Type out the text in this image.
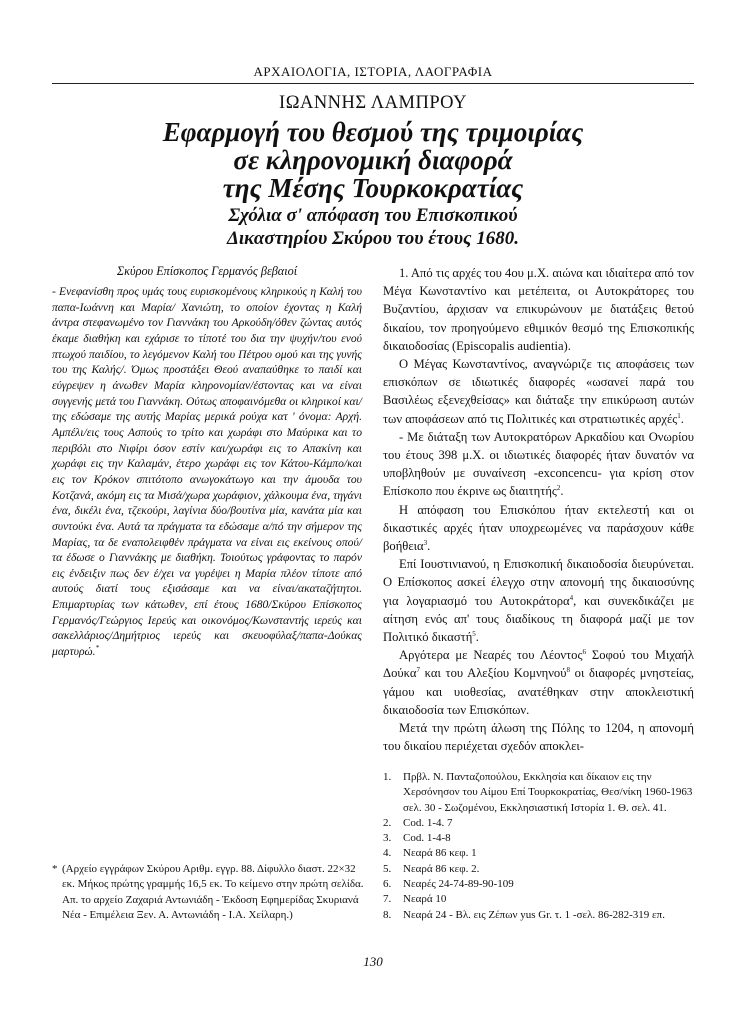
ΑΡΧΑΙΟΛΟΓΙΑ, ΙΣΤΟΡΙΑ, ΛΑΟΓΡΑΦΙΑ
ΙΩΑΝΝΗΣ ΛΑΜΠΡΟΥ
Εφαρμογή του θεσμού της τριμοιρίας
σε κληρονομική διαφορά
της Μέσης Τουρκοκρατίας
Σχόλια σ' απόφαση του Επισκοπικού
Δικαστηρίου Σκύρου του έτους 1680.
Σκύρου Επίσκοπος Γερμανός βεβαιοί

- Ενεφανίσθη προς υμάς τους ευρισκομένους κληρικούς η Καλή του παπα-Ιωάννη και Μαρία/ Χανιώτη, το οποίον έχοντας η Καλή άντρα στεφανωμένο τον Γιαννάκη του Αρκούδη/όθεν ζώντας αυτός έκαμε διαθήκη και εχάρισε το τίποτέ του δια την ψυχήν/του ενού πτωχού παιδίου, το λεγόμενον Καλή του Πέτρου ομού και της γυνής του της Καλής/. Όμως προστάξει Θεού αναπαύθηκε το παιδί και εύγρεψεν η άνωθεν Μαρία κληρονομίαν/έστοντας και να είναι συγγενής μετά του Γιαννάκη. Ούτως αποφαινόμεθα οι κληρικοί και/της εδώσαμε της αυτής Μαρίας μερικά ρούχα κατ ' όνομα: Αρχή. Αμπέλι/εις τους Ασπούς το τρίτο και χωράφι στο Μαύρικα και το περιβόλι στο Νιφίρι όσον εστίν και/χωράφι εις το Απακίνη και χωράφι εις την Καλαμάν, έτερο χωράφι εις τον Κάτου-Κάμπο/και εις τον Κρόκον σπιτότοπο ανωγοκάτωγο και την άμουδα του Κοτζανά, ακόμη εις τα Μισά/χωρα χωράφιον, χάλκουμα ένα, τηγάνι ένα, δικέλι ένα, τζεκούρι, λαγίνια δύο/βουτίνα μία, κανάτα μία και συντούκι ένα. Αυτά τα πράγματα τα εδώσαμε α/πό την σήμερον της Μαρίας, τα δε εναπολειφθέν πράγματα να είναι εις εκείνους οπού/τα έδωσε ο Γιαννάκης με διαθήκη. Τοιούτως γράφοντας το παρόν εις ένδειξιν πως δεν έ/χει να γυρέψει η Μαρία πλέον τίποτε από αυτούς διατί τους εξισάσαμε και να είναι/ακαταζήτητοι. Επιμαρτυρίας των κάτωθεν, επί έτους 1680/Σκύρου Επίσκοπος Γερμανός/Γεώργιος Ιερεύς και οικονόμος/Κωνσταντής ιερεύς και σακελλάριος/Δημήτριος ιερεύς και σκευοφύλαξ/παπα-Δούκας μαρτυρώ.*

1. Από τις αρχές του 4ου μ.Χ. αιώνα και ιδιαίτερα από τον Μέγα Κωνσταντίνο και μετέπειτα, οι Αυτοκράτορες του Βυζαντίου, άρχισαν να επικυρώνουν με διατάξεις θετού δικαίου, τον προηγούμενο εθιμικόν θεσμό της Επισκοπικής δικαιοδοσίας (Episcopalis audientia).

Ο Μέγας Κωνσταντίνος, αναγνώριζε τις αποφάσεις των επισκόπων σε ιδιωτικές διαφορές «ωσανεί παρά του Βασιλέως εξενεχθείσας» και διάταξε την επικύρωση αυτών των αποφάσεων από τις Πολιτικές και στρατιωτικές αρχές$^1$.

- Με διάταξη των Αυτοκρατόρων Αρκαδίου και Ονωρίου του έτους 398 μ.Χ. οι ιδιωτικές διαφορές ήταν δυνατόν να υποβληθούν με συναίνεση -exconcencu- για κρίση στον Επίσκοπο που έκρινε ως διαιτητής$^2$.

Η απόφαση του Επισκόπου ήταν εκτελεστή και οι δικαστικές αρχές ήταν υποχρεωμένες να παράσχουν κάθε βοήθεια$^3$.

Επί Ιουστινιανού, η Επισκοπική δικαιοδοσία διευρύνεται. Ο Επίσκοπος ασκεί έλεγχο στην απονομή της δικαιοσύνης για λογαριασμό του Αυτοκράτορα$^4$, και συνεκδικάζει με αίτηση ενός απ' τους διαδίκους τη διαφορά μαζί με τον Πολιτικό δικαστή$^5$.

Αργότερα με Νεαρές του Λέοντος$^6$ Σοφού του Μιχαήλ Δούκα$^7$ και του Αλεξίου Κομνηνού$^8$ οι διαφορές μνηστείας, γάμου και υιοθεσίας, ανατέθηκαν στην αποκλειστική δικαιοδοσία των Επισκόπων.

Μετά την πρώτη άλωση της Πόλης το 1204, η απονομή του δικαίου περιέχεται σχεδόν αποκλει-

* (Αρχείο εγγράφων Σκύρου Αριθμ. εγγρ. 88. Δίφυλλο διαστ. 22×32 εκ. Μήκος πρώτης γραμμής 16,5 εκ. Το κείμενο στην πρώτη σελίδα. Απ. το αρχείο Ζαχαριά Αντωνιάδη - Έκδοση Εφημερίδας Σκυριανά Νέα - Επιμέλεια Ξεν. Α. Αντωνιάδη - Ι.Α. Χείλαρη.)
1. Πρβλ. Ν. Πανταζοπούλου, Εκκλησία και δίκαιον εις την Χερσόνησον του Αίμου Επί Τουρκοκρατίας, Θεσ/νίκη 1960-1963 σελ. 30 - Σωζομένου, Εκκλησιαστική Ιστορία 1. Θ. σελ. 41.
2. Cod. 1-4. 7
3. Cod. 1-4-8
4. Νεαρά 86 κεφ. 1
5. Νεαρά 86 κεφ. 2.
6. Νεαρές 24-74-89-90-109
7. Νεαρά 10
8. Νεαρά 24 - Βλ. εις Ζέπων yus Gr. τ. 1 -σελ. 86-282-319 επ.
130
